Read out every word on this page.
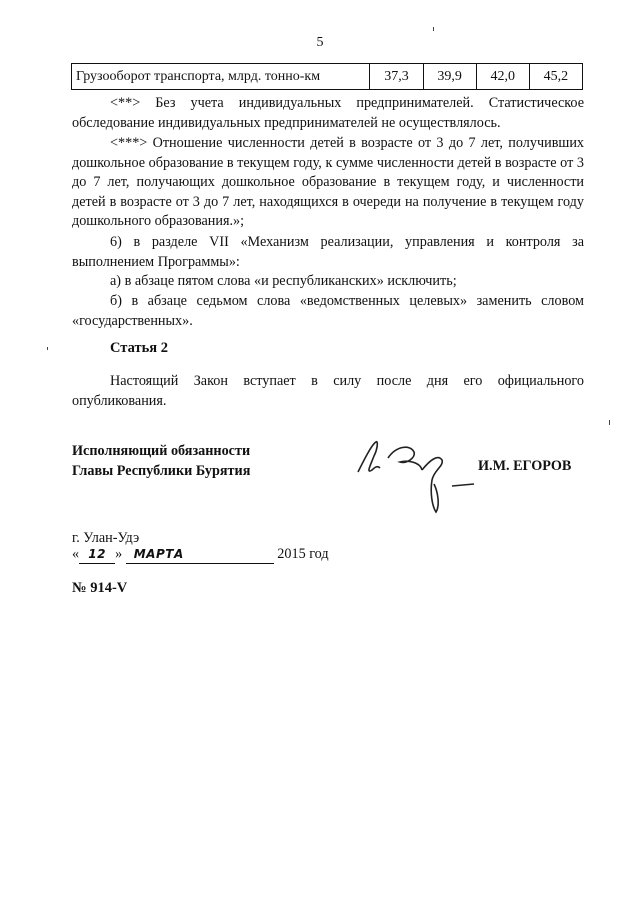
5
Грузооборот транспорта, млрд. тонно-км	37,3	39,9	42,0	45,2
<**> Без учета индивидуальных предпринимателей. Статистическое обследование индивидуальных предпринимателей не осуществлялось.
<***> Отношение численности детей в возрасте от 3 до 7 лет, получивших дошкольное образование в текущем году, к сумме численности детей в возрасте от 3 до 7 лет, получающих дошкольное образование в текущем году, и численности детей в возрасте от 3 до 7 лет, находящихся в очереди на получение в текущем году дошкольного образования.»;
6) в разделе VII «Механизм реализации, управления и контроля за выполнением Программы»:
а) в абзаце пятом слова «и республиканских» исключить;
б) в абзаце седьмом слова «ведомственных целевых» заменить словом «государственных».
Статья 2
Настоящий Закон вступает в силу после дня его официального опубликования.
Исполняющий обязанности
Главы Республики Бурятия	И.М. ЕГОРОВ
г. Улан-Удэ
« 12 » МАРТА	2015 год
№ 914-V
